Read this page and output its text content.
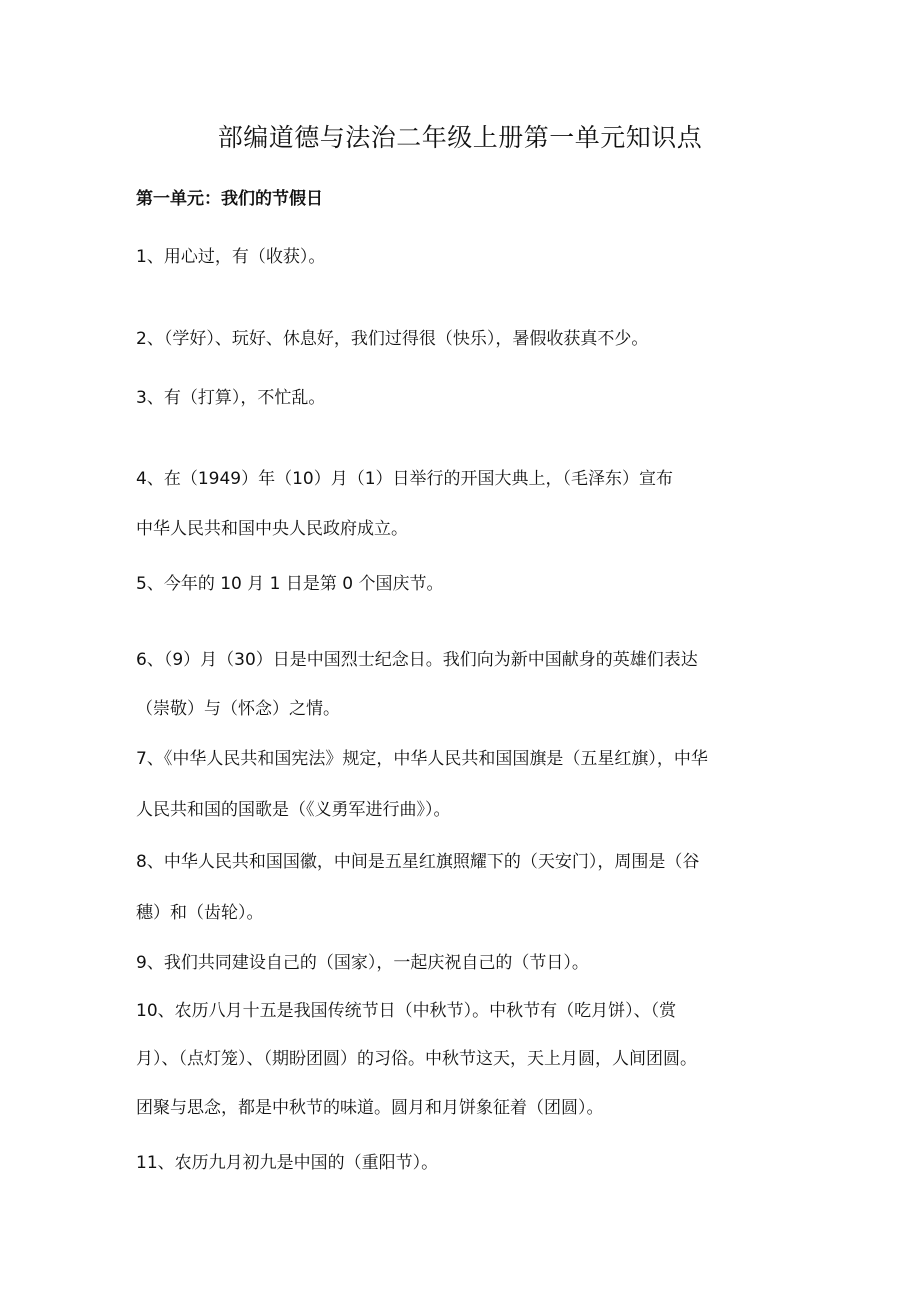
部编道德与法治二年级上册第一单元知识点
第一单元：我们的节假日
1、用心过，有（收获）。
2、（学好）、玩好、休息好，我们过得很（快乐），暑假收获真不少。
3、有（打算），不忙乱。
4、在（1949）年（10）月（1）日举行的开国大典上，（毛泽东）宣布
中华人民共和国中央人民政府成立。
5、今年的 10 月 1 日是第 0 个国庆节。
6、（9）月（30）日是中国烈士纪念日。我们向为新中国献身的英雄们表达
（崇敬）与（怀念）之情。
7、《中华人民共和国宪法》规定，中华人民共和国国旗是（五星红旗），中华
人民共和国的国歌是（《义勇军进行曲》）。
8、中华人民共和国国徽，中间是五星红旗照耀下的（天安门），周围是（谷
穗）和（齿轮）。
9、我们共同建设自己的（国家），一起庆祝自己的（节日）。
10、农历八月十五是我国传统节日（中秋节）。中秋节有（吃月饼）、（赏
月）、（点灯笼）、（期盼团圆）的习俗。中秋节这天，天上月圆，人间团圆。
团聚与思念，都是中秋节的味道。圆月和月饼象征着（团圆）。
11、农历九月初九是中国的（重阳节）。
